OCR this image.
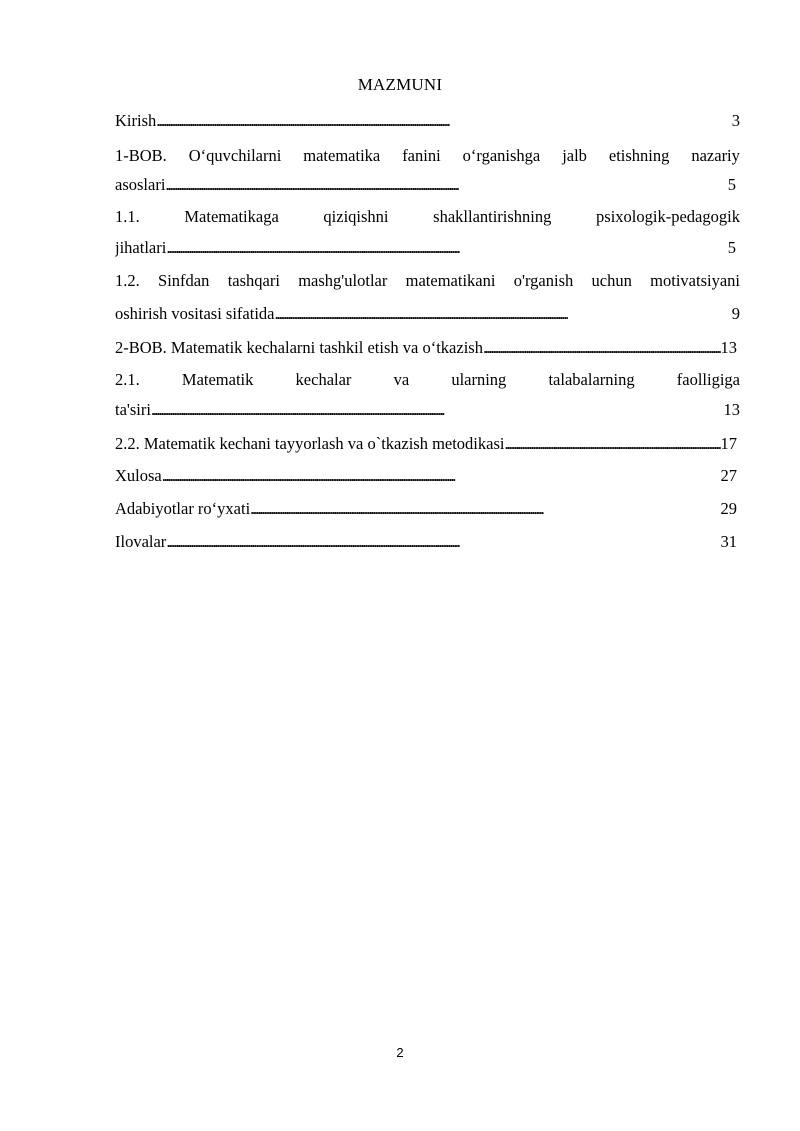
MAZMUNI
Kirish . . .	3
1-BOB. O‘quvchilarni matematika fanini o‘rganishga jalb etishning nazariy
asoslari . . .	5
1.1.	Matematikaga	qiziqishni	shakllantirishning	psixologik-pedagogik
jihatlari . . .	5
1.2. Sinfdan tashqari mashg'ulotlar matematikani o'rganish uchun motivatsiyani
oshirish vositasi sifatida . . .	9
2-BOB. Matematik kechalarni tashkil etish va o‘tkazish . . .	13
2.1.	Matematik	kechalar	va	ularning	talabalarning	faolligiga
ta'siri . . .	13
2.2. Matematik kechani tayyorlash va o`tkazish metodikasi . . .	17
Xulosa . . .	27
Adabiyotlar ro‘yxati . . .	29
Ilovalar . . .	31
2
